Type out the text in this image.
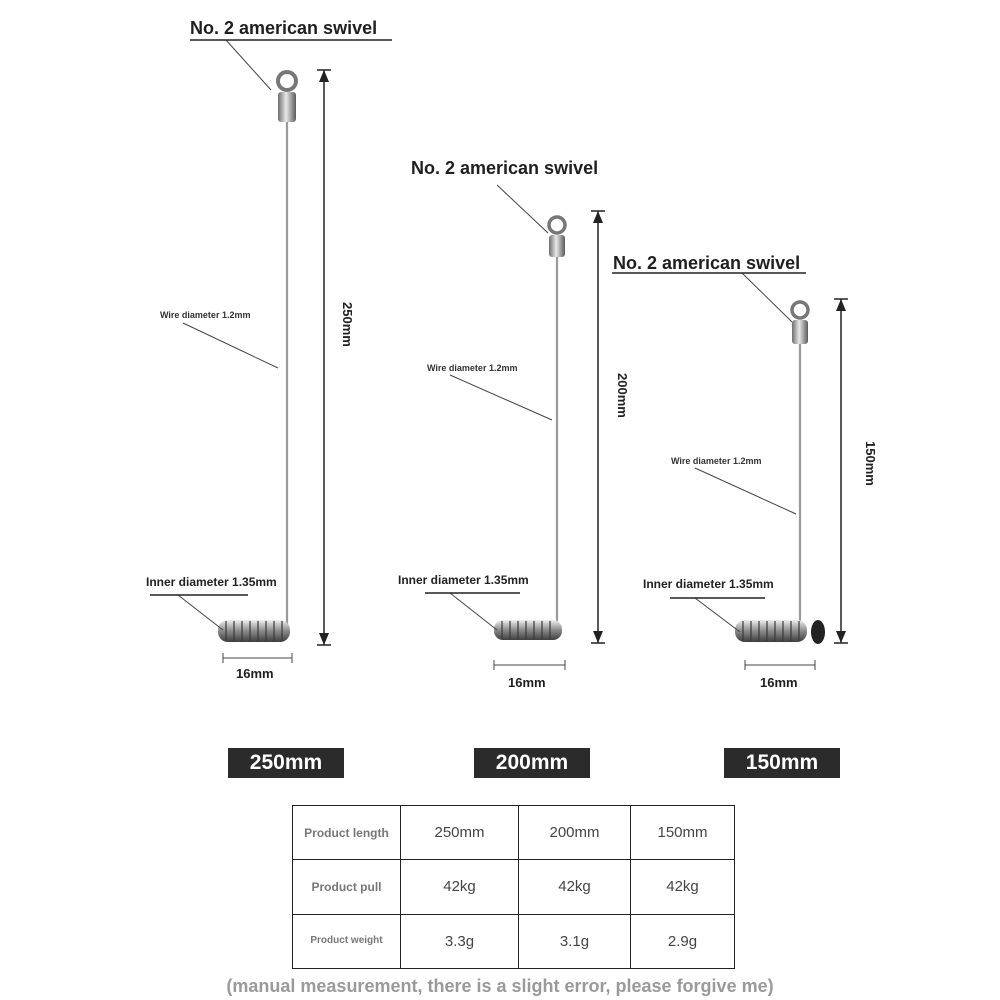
No. 2 american swivel
Wire diameter 1.2mm
Inner diameter 1.35mm
250mm
16mm
No. 2 american swivel
Wire diameter 1.2mm
Inner diameter 1.35mm
200mm
16mm
No. 2 american swivel
Wire diameter 1.2mm
Inner diameter 1.35mm
150mm
16mm
250mm	200mm	150mm
Product length	250mm	200mm	150mm
Product pull	42kg	42kg	42kg
Product weight	3.3g	3.1g	2.9g
(manual measurement, there is a slight error, please forgive me)
